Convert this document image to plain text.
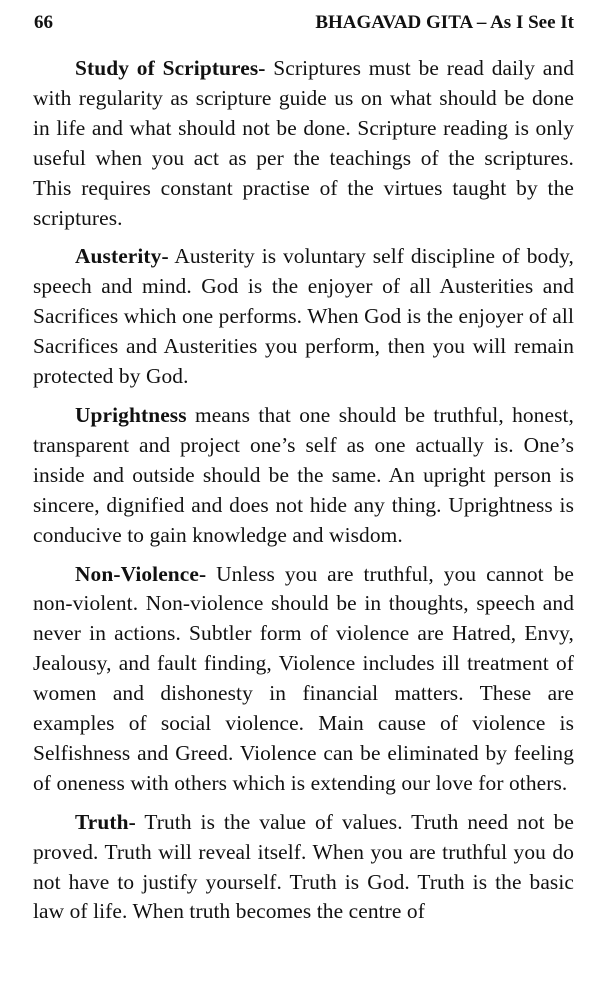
66	BHAGAVAD GITA – As I See It

Study of Scriptures- Scriptures must be read daily and with regularity as scripture guide us on what should be done in life and what should not be done. Scripture reading is only useful when you act as per the teachings of the scriptures. This requires constant practise of the virtues taught by the scriptures.

Austerity- Austerity is voluntary self discipline of body, speech and mind. God is the enjoyer of all Austerities and Sacrifices which one performs. When God is the enjoyer of all Sacrifices and Austerities you perform, then you will remain protected by God.

Uprightness means that one should be truthful, honest, transparent and project one’s self as one actually is. One’s inside and outside should be the same. An upright person is sincere, dignified and does not hide any thing. Uprightness is conducive to gain knowledge and wisdom.

Non-Violence- Unless you are truthful, you cannot be non-violent. Non-violence should be in thoughts, speech and never in actions. Subtler form of violence are Hatred, Envy, Jealousy, and fault finding, Violence includes ill treatment of women and dishonesty in financial matters. These are examples of social violence. Main cause of violence is Selfishness and Greed. Violence can be eliminated by feeling of oneness with others which is extending our love for others.

Truth- Truth is the value of values. Truth need not be proved. Truth will reveal itself. When you are truthful you do not have to justify yourself. Truth is God. Truth is the basic law of life. When truth becomes the centre of
